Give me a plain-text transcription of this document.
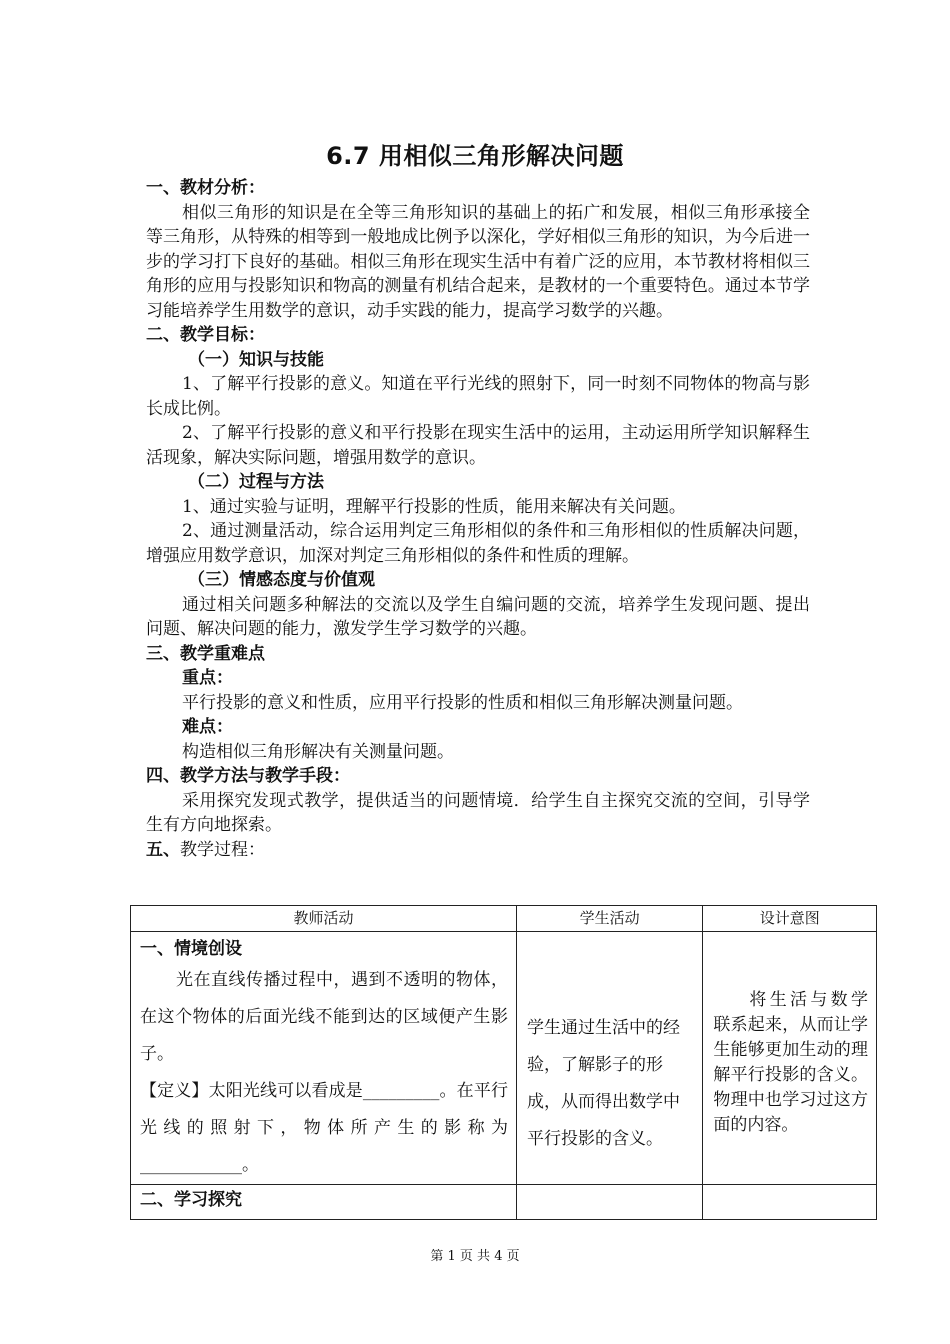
6.7 用相似三角形解决问题
一、教材分析：

相似三角形的知识是在全等三角形知识的基础上的拓广和发展，相似三角形承接全等三角形，从特殊的相等到一般地成比例予以深化，学好相似三角形的知识，为今后进一步的学习打下良好的基础。相似三角形在现实生活中有着广泛的应用，本节教材将相似三角形的应用与投影知识和物高的测量有机结合起来，是教材的一个重要特色。通过本节学习能培养学生用数学的意识，动手实践的能力，提高学习数学的兴趣。

二、教学目标：
（一）知识与技能

1、了解平行投影的意义。知道在平行光线的照射下，同一时刻不同物体的物高与影长成比例。

2、了解平行投影的意义和平行投影在现实生活中的运用，主动运用所学知识解释生活现象，解决实际问题，增强用数学的意识。

（二）过程与方法

1、通过实验与证明，理解平行投影的性质，能用来解决有关问题。

2、通过测量活动，综合运用判定三角形相似的条件和三角形相似的性质解决问题，增强应用数学意识，加深对判定三角形相似的条件和性质的理解。

（三）情感态度与价值观

通过相关问题多种解法的交流以及学生自编问题的交流，培养学生发现问题、提出问题、解决问题的能力，激发学生学习数学的兴趣。

三、教学重难点
重点：
平行投影的意义和性质，应用平行投影的性质和相似三角形解决测量问题。
难点：
构造相似三角形解决有关测量问题。
四、教学方法与教学手段：

采用探究发现式教学，提供适当的问题情境．给学生自主探究交流的空间，引导学生有方向地探索。

五、教学过程：
教师活动	学生活动	设计意图

一、情境创设
光在直线传播过程中，遇到不透明的物体，在这个物体的后面光线不能到达的区域便产生影子。
【定义】太阳光线可以看成是_________。在平行光线的照射下，物体所产生的影称为____________。	学生通过生活中的经验，了解影子的形成，从而得出数学中平行投影的含义。	将生活与数学联系起来，从而让学生能够更加生动的理解平行投影的含义。物理中也学习过这方面的内容。

二、学习探究		

第 1 页 共 4 页
